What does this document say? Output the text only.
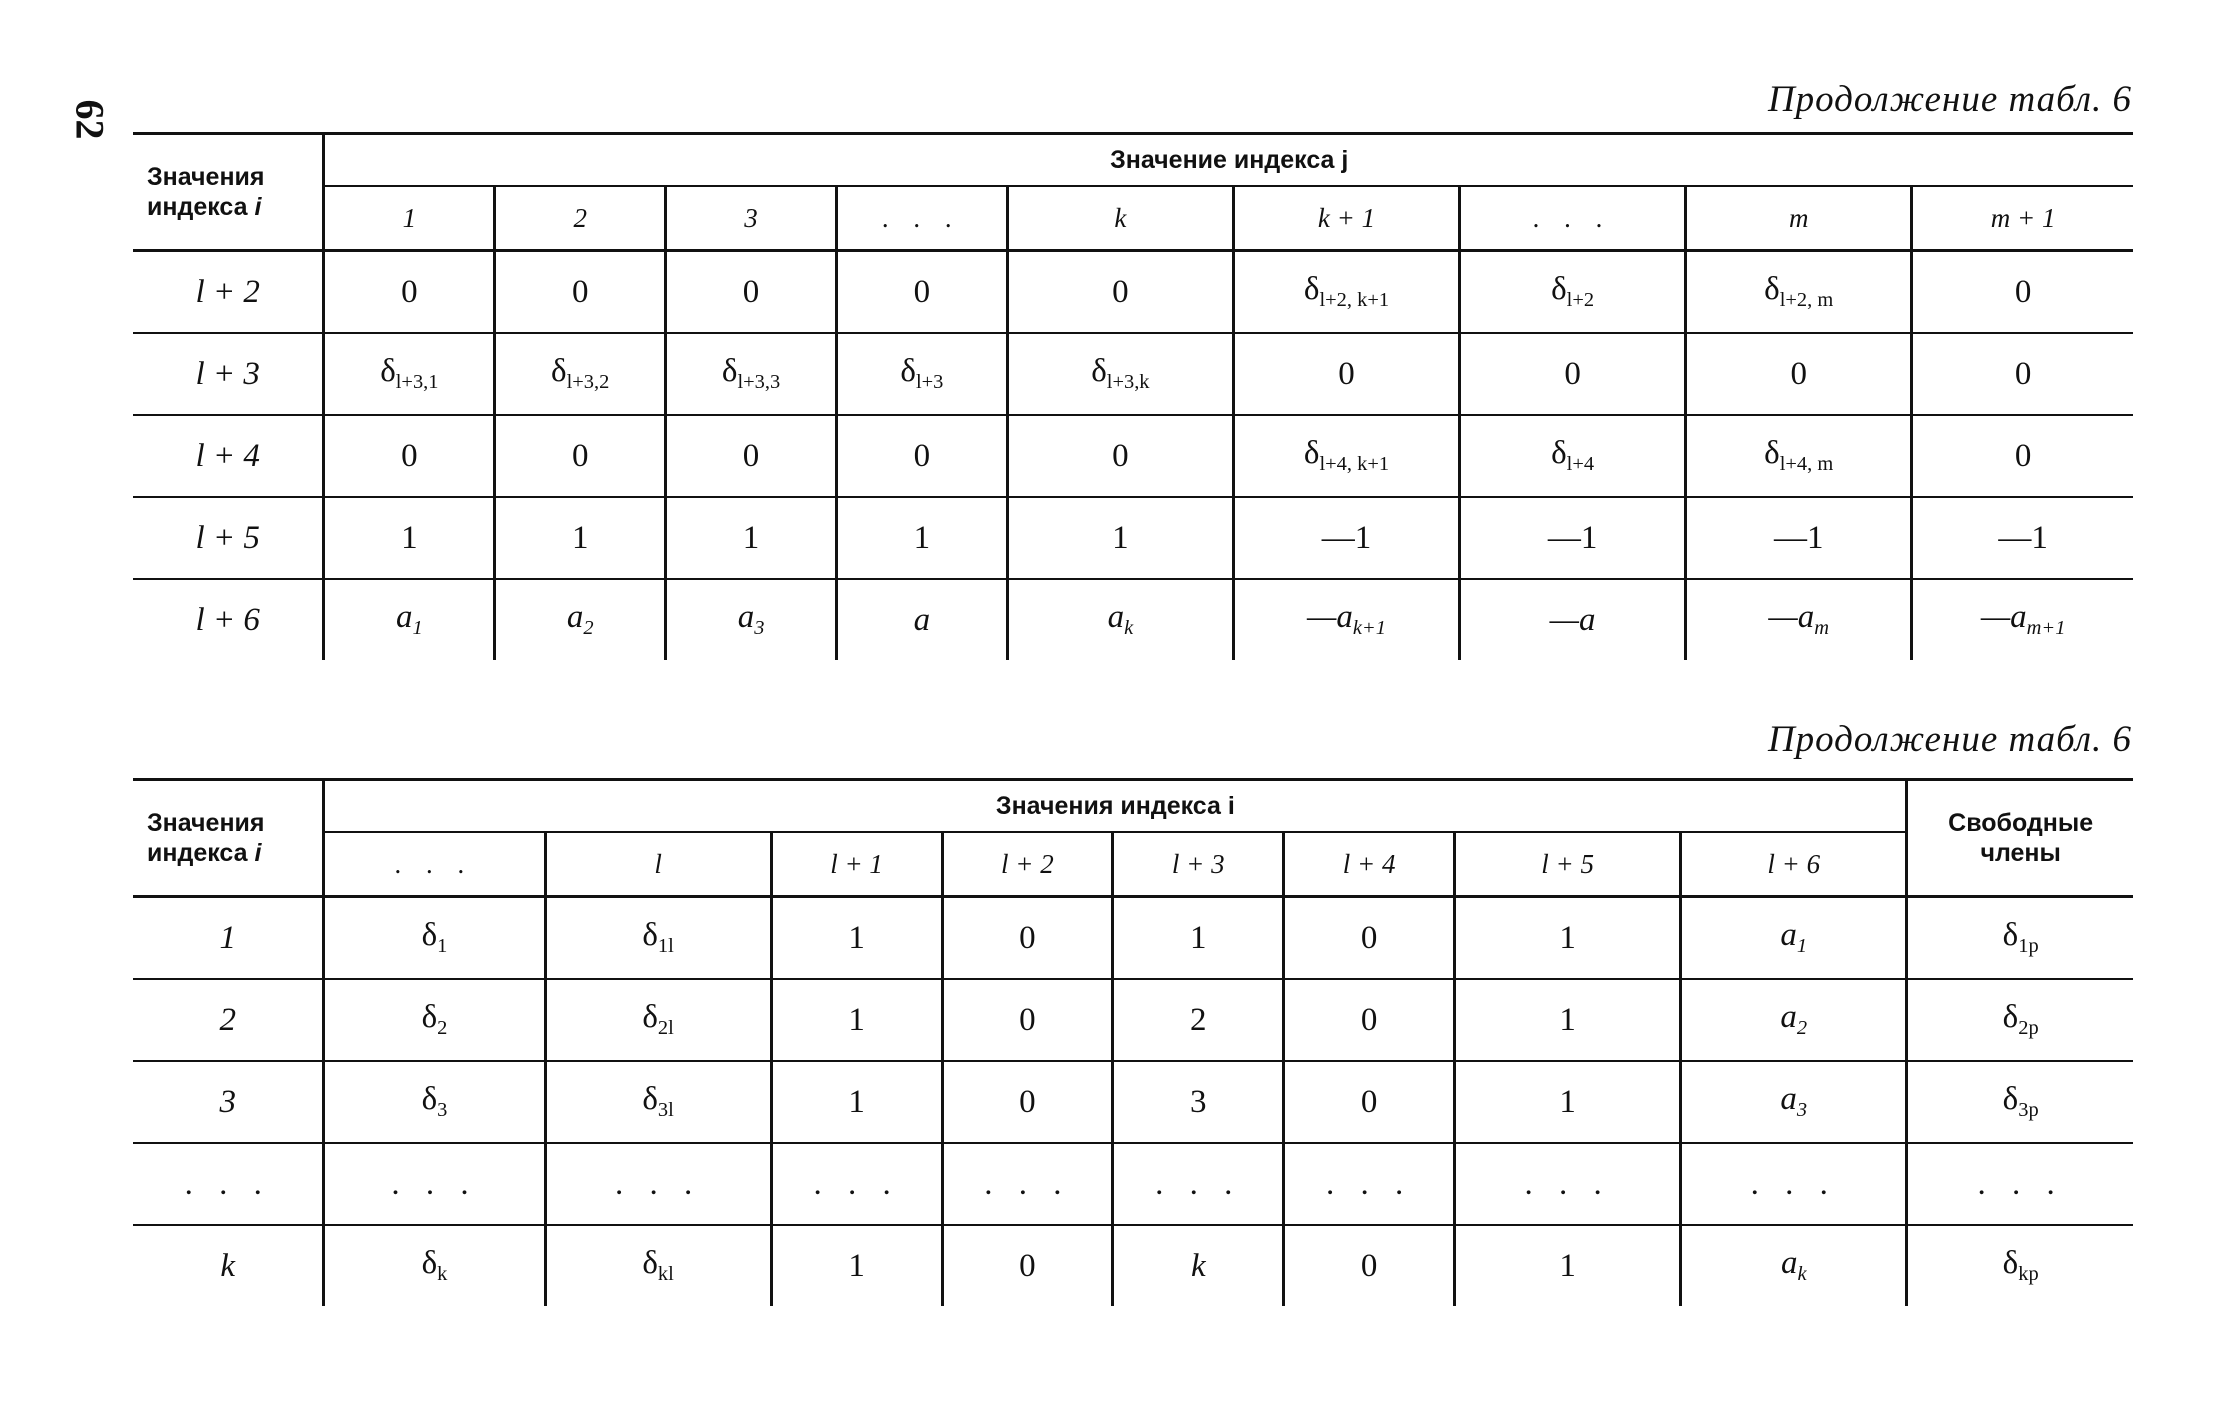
62	Продолжение табл. 6
Значения
индекса i	Значение индекса j								
	1	2	3	. . .	k	k + 1	. . .	m	m + 1
l + 2	0	0	0	0	0	$\delta_{l+2, k+1}$	$\delta_{l+2}$	$\delta_{l+2, m}$	0
l + 3	$\delta_{l+3,1}$	$\delta_{l+3,2}$	$\delta_{l+3,3}$	$\delta_{l+3}$	$\delta_{l+3,k}$	0	0	0	0
l + 4	0	0	0	0	0	$\delta_{l+4, k+1}$	$\delta_{l+4}$	$\delta_{l+4, m}$	0
l + 5	1	1	1	1	1	—1	—1	—1	—1
l + 6	$a_1$	$a_2$	$a_3$	a	$a_k$	$—a_{k+1}$	—a	$—a_m$	$—a_{m+1}$
Продолжение табл. 6
Значения
индекса i	Значения индекса i								Свободные
члены
	. . .	l	l + 1	l + 2	l + 3	l + 4	l + 5	l + 6	
1	$\delta_1$	$\delta_{1l}$	1	0	1	0	1	$a_1$	$\delta_{1p}$
2	$\delta_2$	$\delta_{2l}$	1	0	2	0	1	$a_2$	$\delta_{2p}$
3	$\delta_3$	$\delta_{3l}$	1	0	3	0	1	$a_3$	$\delta_{3p}$
. . .	. . .	. . .	. . .	. . .	. . .	. . .	. . .	. . .	. . .
k	$\delta_k$	$\delta_{kl}$	1	0	k	0	1	$a_k$	$\delta_{kp}$
